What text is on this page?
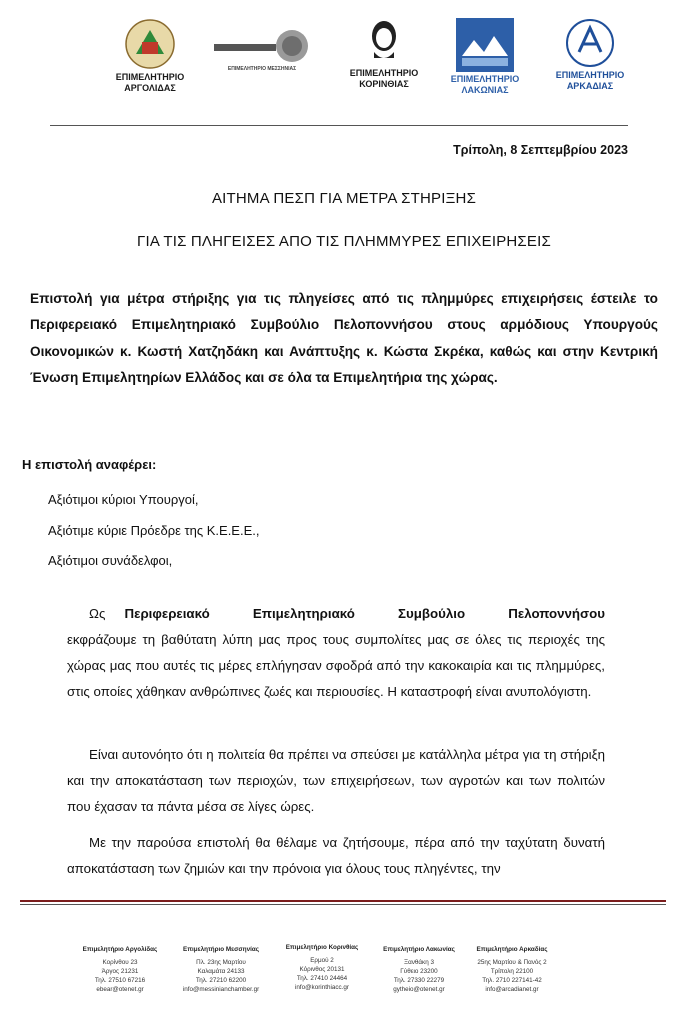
ΕΠΙΜΕΛΗΤΗΡΙΟ
ΑΡΓΟΛΙΔΑΣ
ΕΠΙΜΕΛΗΤΗΡΙΟ ΜΕΣΣΗΝΙΑΣ	ΕΠΙΜΕΛΗΤΗΡΙΟ
ΚΟΡΙΝΘΙΑΣ	ΕΠΙΜΕΛΗΤΗΡΙΟ
ΛΑΚΩΝΙΑΣ
ΕΠΙΜΕΛΗΤΗΡΙΟ
ΑΡΚΑΔΙΑΣ
Τρίπολη, 8 Σεπτεμβρίου 2023
ΑΙΤΗΜΑ ΠΕΣΠ ΓΙΑ ΜΕΤΡΑ ΣΤΗΡΙΞΗΣ
ΓΙΑ ΤΙΣ ΠΛΗΓΕΙΣΕΣ ΑΠΟ ΤΙΣ ΠΛΗΜΜΥΡΕΣ ΕΠΙΧΕΙΡΗΣΕΙΣ

Επιστολή για μέτρα στήριξης για τις πληγείσες από τις πλημμύρες επιχειρήσεις έστειλε το Περιφερειακό Επιμελητηριακό Συμβούλιο Πελοποννήσου στους αρμόδιους Υπουργούς Οικονομικών κ. Κωστή Χατζηδάκη και Ανάπτυξης κ. Κώστα Σκρέκα, καθώς και στην Κεντρική Ένωση Επιμελητηρίων Ελλάδος και σε όλα τα Επιμελητήρια της χώρας.

Η επιστολή αναφέρει:
Αξιότιμοι κύριοι Υπουργοί,
Αξιότιμε κύριε Πρόεδρε της Κ.Ε.Ε.Ε.,
Αξιότιμοι συνάδελφοι,

Ως Περιφερειακό Επιμελητηριακό Συμβούλιο Πελοποννήσου εκφράζουμε τη βαθύτατη λύπη μας προς τους συμπολίτες μας σε όλες τις περιοχές της χώρας μας που αυτές τις μέρες επλήγησαν σφοδρά από την κακοκαιρία και τις πλημμύρες, στις οποίες χάθηκαν ανθρώπινες ζωές και περιουσίες. Η καταστροφή είναι ανυπολόγιστη.

Είναι αυτονόητο ότι η πολιτεία θα πρέπει να σπεύσει με κατάλληλα μέτρα για τη στήριξη και την αποκατάσταση των περιοχών, των επιχειρήσεων, των αγροτών και των πολιτών που έχασαν τα πάντα μέσα σε λίγες ώρες.

Με την παρούσα επιστολή θα θέλαμε να ζητήσουμε, πέρα από την ταχύτατη δυνατή αποκατάσταση των ζημιών και την πρόνοια για όλους τους πληγέντες, την

Επιμελητήριο Αργολίδας
Κορίνθου 23
Άργος 21231
Τηλ. 27510 67216
ebear@otenet.gr
Επιμελητήριο Μεσσηνίας
Πλ. 23ης Μαρτίου
Καλαμάτα 24133
Τηλ. 27210 62200
info@messinianchamber.gr
Επιμελητήριο Κορινθίας
Ερμού 2
Κόρινθος 20131
Τηλ. 27410 24464
info@korinthiacc.gr
Επιμελητήριο Λακωνίας
Ξανθάκη 3
Γύθειο 23200
Τηλ. 27330 22279
gytheio@otenet.gr
Επιμελητήριο Αρκαδίας
25ης Μαρτίου & Πανός 2
Τρίπολη 22100
Τηλ. 2710 227141-42
info@arcadianet.gr
